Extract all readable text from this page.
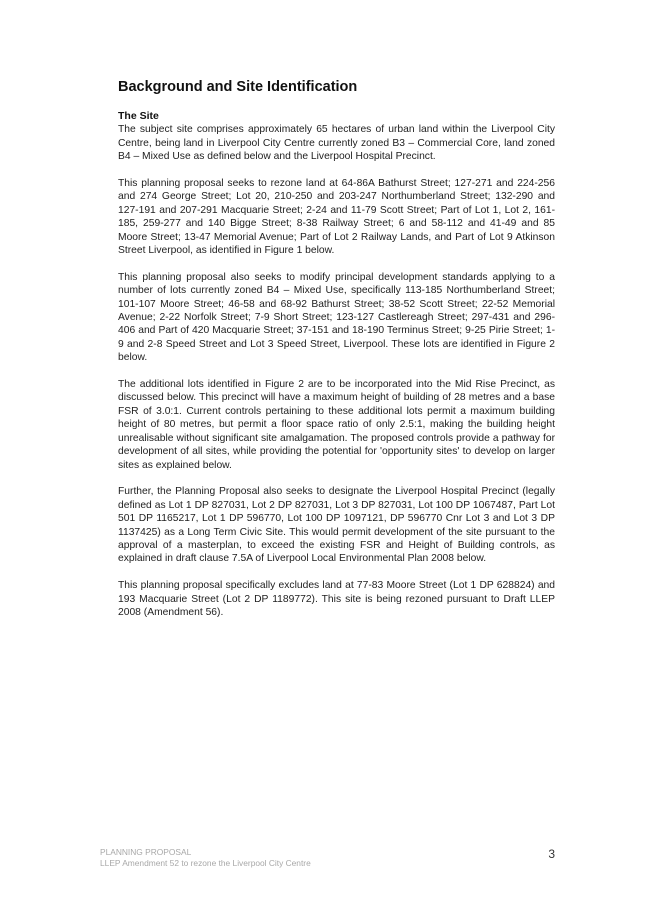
Background and Site Identification
The Site

The subject site comprises approximately 65 hectares of urban land within the Liverpool City Centre, being land in Liverpool City Centre currently zoned B3 – Commercial Core, land zoned B4 – Mixed Use as defined below and the Liverpool Hospital Precinct.

This planning proposal seeks to rezone land at 64-86A Bathurst Street; 127-271 and 224-256 and 274 George Street; Lot 20, 210-250 and 203-247 Northumberland Street; 132-290 and 127-191 and 207-291 Macquarie Street; 2-24 and 11-79 Scott Street; Part of Lot 1, Lot 2, 161-185, 259-277 and 140 Bigge Street; 8-38 Railway Street; 6 and 58-112 and 41-49 and 85 Moore Street; 13-47 Memorial Avenue; Part of Lot 2 Railway Lands, and Part of Lot 9 Atkinson Street Liverpool, as identified in Figure 1 below.

This planning proposal also seeks to modify principal development standards applying to a number of lots currently zoned B4 – Mixed Use, specifically 113-185 Northumberland Street; 101-107 Moore Street; 46-58 and 68-92 Bathurst Street; 38-52 Scott Street; 22-52 Memorial Avenue; 2-22 Norfolk Street; 7-9 Short Street; 123-127 Castlereagh Street; 297-431 and 296-406 and Part of 420 Macquarie Street; 37-151 and 18-190 Terminus Street; 9-25 Pirie Street; 1-9 and 2-8 Speed Street and Lot 3 Speed Street, Liverpool. These lots are identified in Figure 2 below.

The additional lots identified in Figure 2 are to be incorporated into the Mid Rise Precinct, as discussed below. This precinct will have a maximum height of building of 28 metres and a base FSR of 3.0:1. Current controls pertaining to these additional lots permit a maximum building height of 80 metres, but permit a floor space ratio of only 2.5:1, making the building height unrealisable without significant site amalgamation. The proposed controls provide a pathway for development of all sites, while providing the potential for 'opportunity sites' to develop on larger sites as explained below.

Further, the Planning Proposal also seeks to designate the Liverpool Hospital Precinct (legally defined as Lot 1 DP 827031, Lot 2 DP 827031, Lot 3 DP 827031, Lot 100 DP 1067487, Part Lot 501 DP 1165217, Lot 1 DP 596770, Lot 100 DP 1097121, DP 596770 Cnr Lot 3 and Lot 3 DP 1137425) as a Long Term Civic Site. This would permit development of the site pursuant to the approval of a masterplan, to exceed the existing FSR and Height of Building controls, as explained in draft clause 7.5A of Liverpool Local Environmental Plan 2008 below.

This planning proposal specifically excludes land at 77-83 Moore Street (Lot 1 DP 628824) and 193 Macquarie Street (Lot 2 DP 1189772). This site is being rezoned pursuant to Draft LLEP 2008 (Amendment 56).

PLANNING PROPOSAL
LLEP Amendment 52 to rezone the Liverpool City Centre
3
